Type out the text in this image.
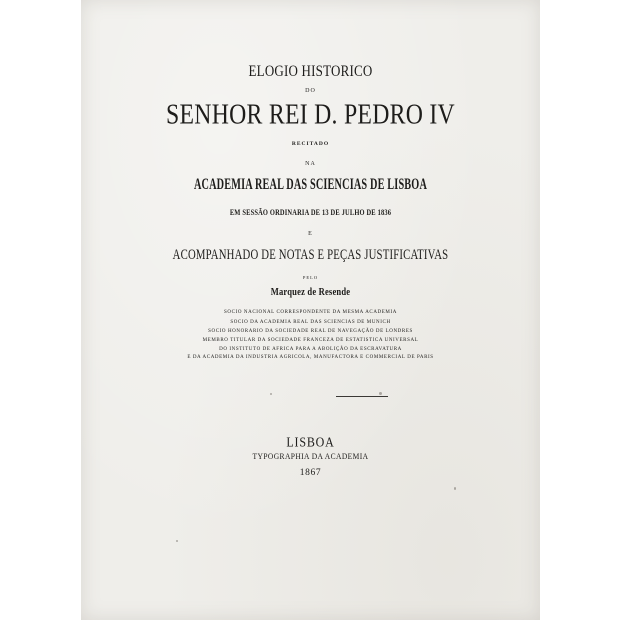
ELOGIO HISTORICO
DO
SENHOR REI D. PEDRO IV
RECITADO
NA
ACADEMIA REAL DAS SCIENCIAS DE LISBOA
EM SESSÃO ORDINARIA DE 13 DE JULHO DE 1836
E
ACOMPANHADO DE NOTAS E PEÇAS JUSTIFICATIVAS
PELO
Marquez de Resende
SOCIO NACIONAL CORRESPONDENTE DA MESMA ACADEMIA
SOCIO DA ACADEMIA REAL DAS SCIENCIAS DE MUNICH
SOCIO HONORARIO DA SOCIEDADE REAL DE NAVEGAÇÃO DE LONDRES
MEMBRO TITULAR DA SOCIEDADE FRANCEZA DE ESTATISTICA UNIVERSAL
DO INSTITUTO DE AFRICA PARA A ABOLIÇÃO DA ESCRAVATURA
E DA ACADEMIA DA INDUSTRIA AGRICOLA, MANUFACTORA E COMMERCIAL DE PARIS
LISBOA
TYPOGRAPHIA DA ACADEMIA
1867
